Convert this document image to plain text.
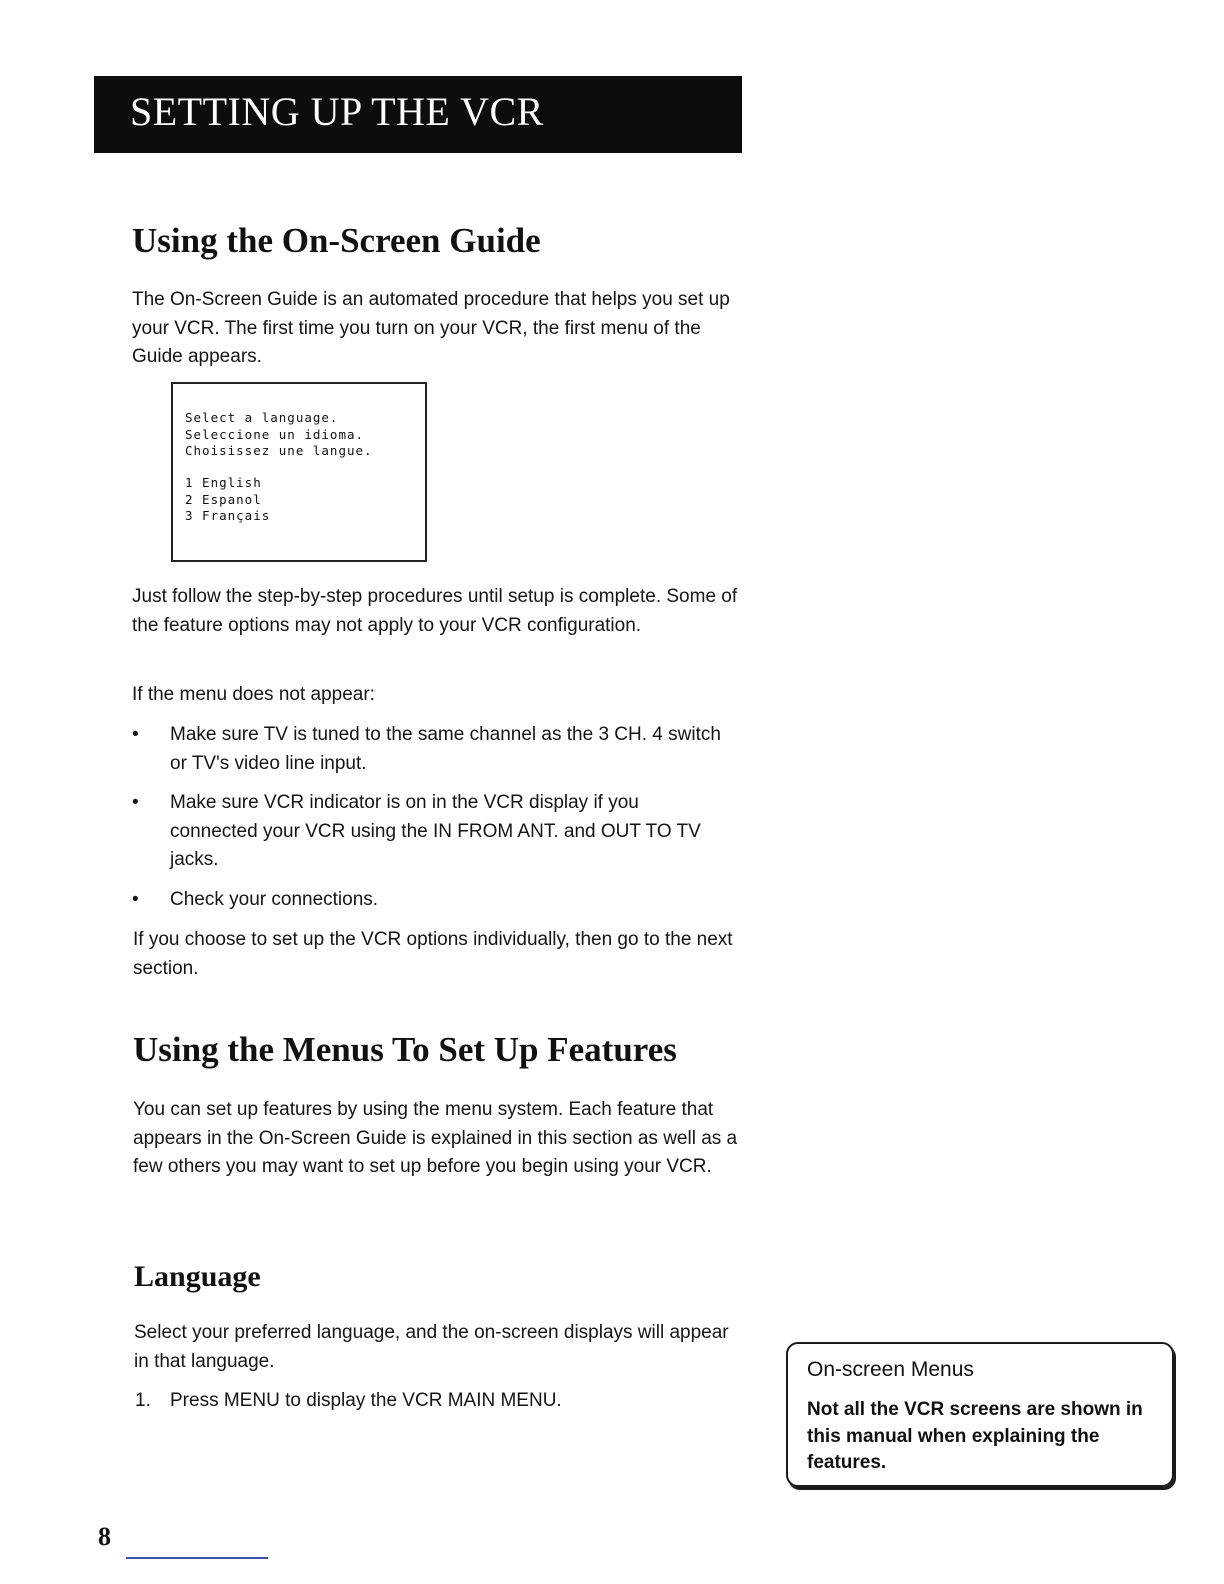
SETTING UP THE VCR
Using the On-Screen Guide

The On-Screen Guide is an automated procedure that helps you set up your VCR. The first time you turn on your VCR, the first menu of the Guide appears.

Select a language.
Seleccione un idioma.
Choisissez une langue.
1 English
2 Espanol
3 Français

Just follow the step-by-step procedures until setup is complete. Some of the feature options may not apply to your VCR configuration.

If the menu does not appear:

•	Make sure TV is tuned to the same channel as the 3 CH. 4 switch or TV's video line input.
•	Make sure VCR indicator is on in the VCR display if you connected your VCR using the IN FROM ANT. and OUT TO TV jacks.
•	Check your connections.

If you choose to set up the VCR options individually, then go to the next section.

Using the Menus To Set Up Features

You can set up features by using the menu system. Each feature that appears in the On-Screen Guide is explained in this section as well as a few others you may want to set up before you begin using your VCR.

Language

Select your preferred language, and the on-screen displays will appear in that language.

1. Press MENU to display the VCR MAIN MENU.
On-screen Menus
Not all the VCR screens are shown in this manual when explaining the features.
8
